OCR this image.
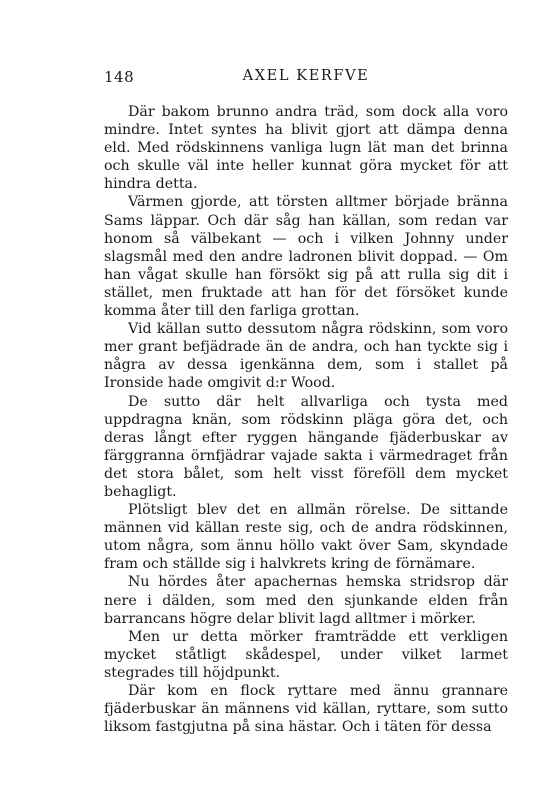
148	AXEL KERFVE

Där bakom brunno andra träd, som dock alla voro mindre. Intet syntes ha blivit gjort att dämpa denna eld. Med rödskinnens vanliga lugn lät man det brinna och skulle väl inte heller kunnat göra mycket för att hindra detta.

Värmen gjorde, att törsten alltmer började bränna Sams läppar. Och där såg han källan, som redan var honom så välbekant — och i vilken Johnny under slagsmål med den andre ladronen blivit doppad. — Om han vågat skulle han försökt sig på att rulla sig dit i stället, men fruktade att han för det försöket kunde komma åter till den farliga grottan.

Vid källan sutto dessutom några rödskinn, som voro mer grant befjädrade än de andra, och han tyckte sig i några av dessa igenkänna dem, som i stallet på Ironside hade omgivit d:r Wood.

De sutto där helt allvarliga och tysta med uppdragna knän, som rödskinn pläga göra det, och deras långt efter ryggen hängande fjäderbuskar av färggranna örnfjädrar vajade sakta i värmedraget från det stora bålet, som helt visst föreföll dem mycket behagligt.

Plötsligt blev det en allmän rörelse. De sittande männen vid källan reste sig, och de andra rödskinnen, utom några, som ännu höllo vakt över Sam, skyndade fram och ställde sig i halvkrets kring de förnämare.

Nu hördes åter apachernas hemska stridsrop där nere i dälden, som med den sjunkande elden från barrancans högre delar blivit lagd alltmer i mörker.

Men ur detta mörker framträdde ett verkligen mycket ståtligt skådespel, under vilket larmet stegrades till höjdpunkt.

Där kom en flock ryttare med ännu grannare fjäderbuskar än männens vid källan, ryttare, som sutto liksom fastgjutna på sina hästar. Och i täten för dessa
